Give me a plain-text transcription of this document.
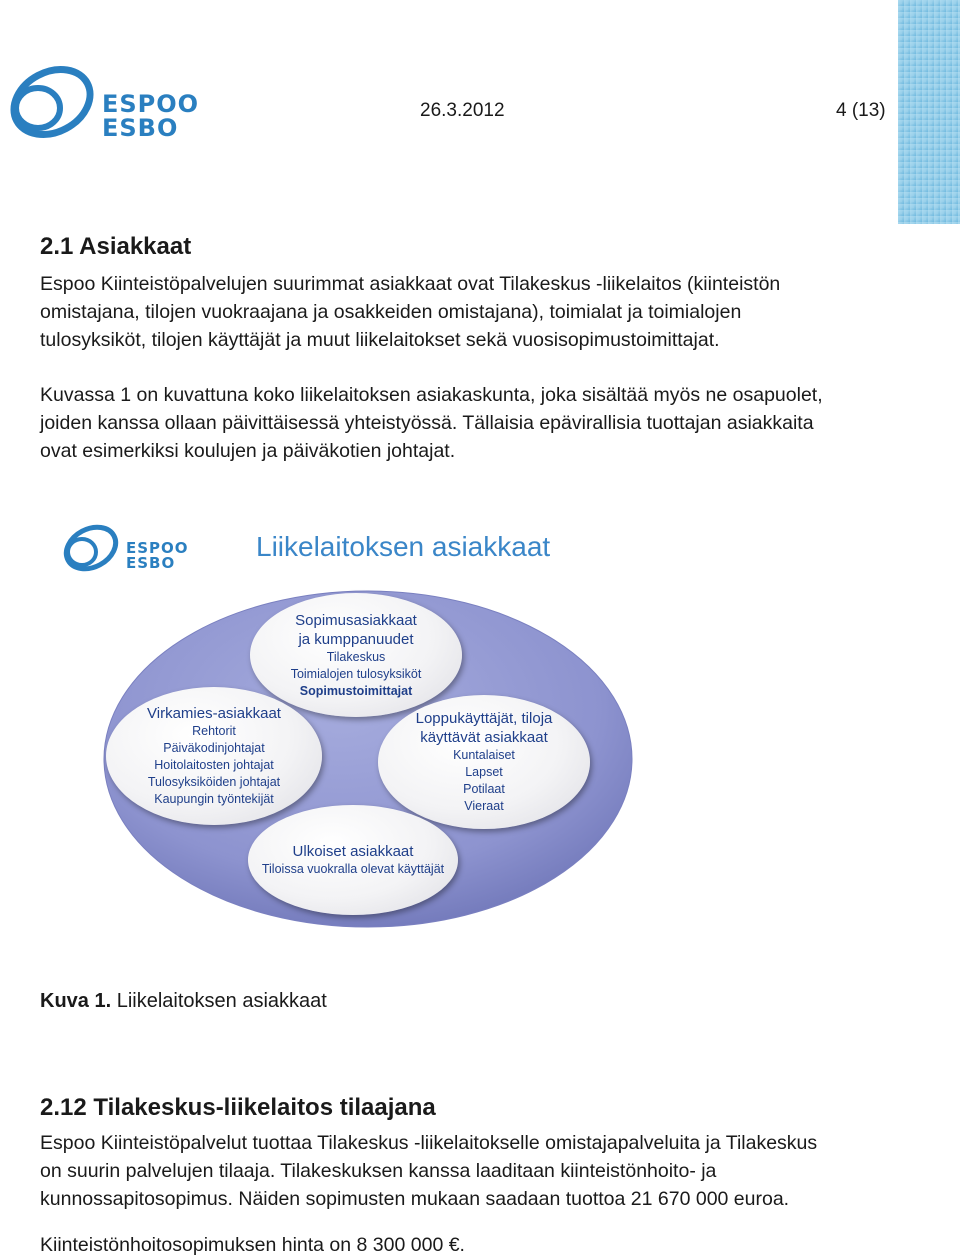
ESPOO
ESBO
26.3.2012	4 (13)
2.1 Asiakkaat

Espoo Kiinteistöpalvelujen suurimmat asiakkaat ovat Tilakeskus -liikelaitos (kiinteistön

omistajana, tilojen vuokraajana ja osakkeiden omistajana), toimialat ja toimialojen

tulosyksiköt, tilojen käyttäjät ja muut liikelaitokset sekä vuosisopimustoimittajat.

Kuvassa 1 on kuvattuna koko liikelaitoksen asiakaskunta, joka sisältää myös ne osapuolet,

joiden kanssa ollaan päivittäisessä yhteistyössä. Tällaisia epävirallisia tuottajan asiakkaita

ovat esimerkiksi koulujen ja päiväkotien johtajat.

ESPOO
ESBO
Liikelaitoksen asiakkaat
Sopimusasiakkaat
ja kumppanuudet
Tilakeskus
Toimialojen tulosyksiköt
Sopimustoimittajat
Virkamies-asiakkaat
Rehtorit
Päiväkodinjohtajat
Hoitolaitosten johtajat
Tulosyksiköiden johtajat
Kaupungin työntekijät
Loppukäyttäjät, tiloja
käyttävät asiakkaat
Kuntalaiset
Lapset
Potilaat
Vieraat
Ulkoiset asiakkaat
Tiloissa vuokralla olevat käyttäjät
Kuva 1. Liikelaitoksen asiakkaat
2.12 Tilakeskus-liikelaitos tilaajana

Espoo Kiinteistöpalvelut tuottaa Tilakeskus -liikelaitokselle omistajapalveluita ja Tilakeskus

on suurin palvelujen tilaaja. Tilakeskuksen kanssa laaditaan kiinteistönhoito- ja

kunnossapitosopimus. Näiden sopimusten mukaan saadaan tuottoa 21 670 000 euroa.

Kiinteistönhoitosopimuksen hinta on 8 300 000 €.
